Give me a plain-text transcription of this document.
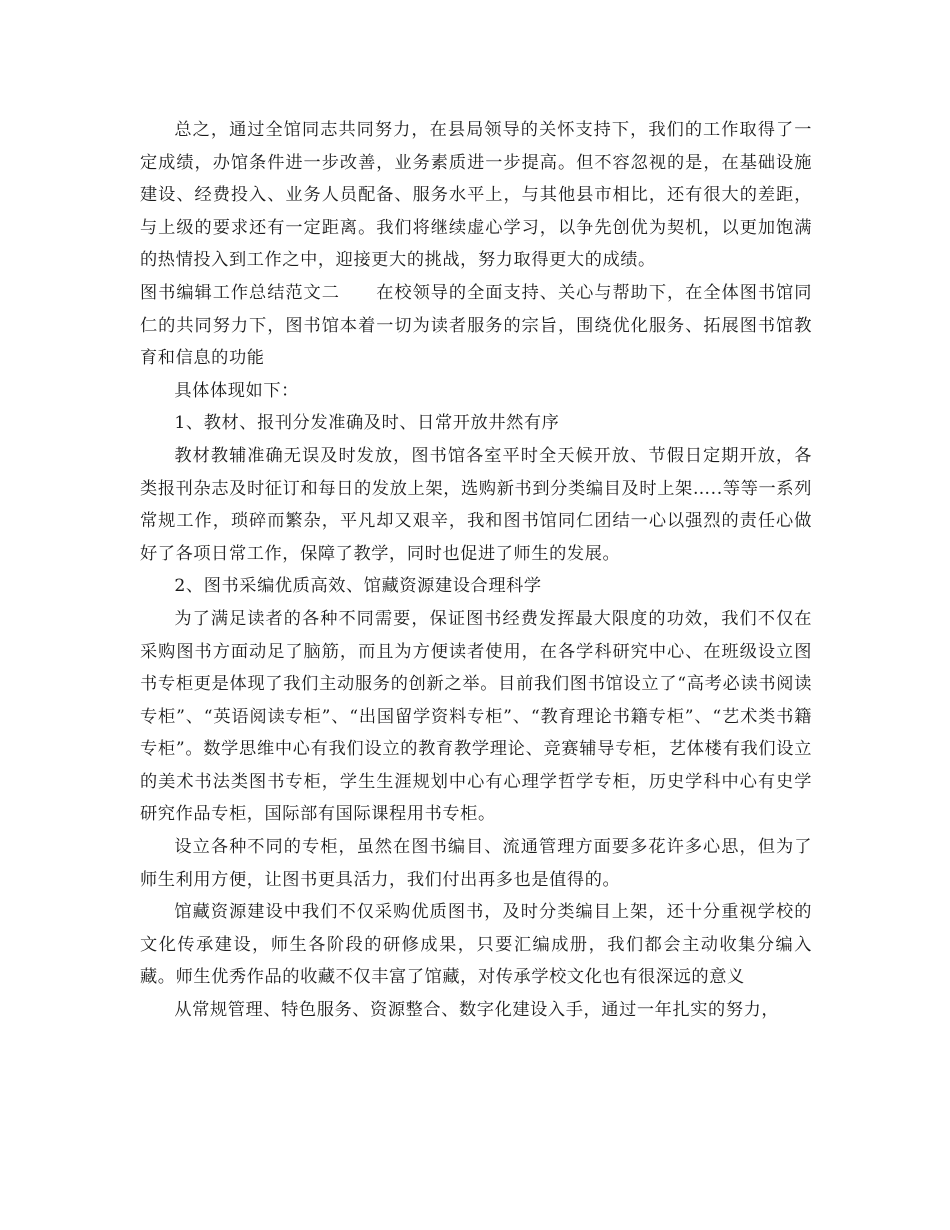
总之，通过全馆同志共同努力，在县局领导的关怀支持下，我们的工作取得了一定成绩，办馆条件进一步改善，业务素质进一步提高。但不容忽视的是，在基础设施建设、经费投入、业务人员配备、服务水平上，与其他县市相比，还有很大的差距，与上级的要求还有一定距离。我们将继续虚心学习，以争先创优为契机，以更加饱满的热情投入到工作之中，迎接更大的挑战，努力取得更大的成绩。

图书编辑工作总结范文二　　在校领导的全面支持、关心与帮助下，在全体图书馆同仁的共同努力下，图书馆本着一切为读者服务的宗旨，围绕优化服务、拓展图书馆教育和信息的功能

具体体现如下：

1、教材、报刊分发准确及时、日常开放井然有序

教材教辅准确无误及时发放，图书馆各室平时全天候开放、节假日定期开放，各类报刊杂志及时征订和每日的发放上架，选购新书到分类编目及时上架…..等等一系列常规工作，琐碎而繁杂，平凡却又艰辛，我和图书馆同仁团结一心以强烈的责任心做好了各项日常工作，保障了教学，同时也促进了师生的发展。

2、图书采编优质高效、馆藏资源建设合理科学

为了满足读者的各种不同需要，保证图书经费发挥最大限度的功效，我们不仅在采购图书方面动足了脑筋，而且为方便读者使用，在各学科研究中心、在班级设立图书专柜更是体现了我们主动服务的创新之举。目前我们图书馆设立了“高考必读书阅读专柜”、“英语阅读专柜”、“出国留学资料专柜”、“教育理论书籍专柜”、“艺术类书籍专柜”。数学思维中心有我们设立的教育教学理论、竞赛辅导专柜，艺体楼有我们设立的美术书法类图书专柜，学生生涯规划中心有心理学哲学专柜，历史学科中心有史学研究作品专柜，国际部有国际课程用书专柜。

设立各种不同的专柜，虽然在图书编目、流通管理方面要多花许多心思，但为了师生利用方便，让图书更具活力，我们付出再多也是值得的。

馆藏资源建设中我们不仅采购优质图书，及时分类编目上架，还十分重视学校的文化传承建设，师生各阶段的研修成果，只要汇编成册，我们都会主动收集分编入藏。师生优秀作品的收藏不仅丰富了馆藏，对传承学校文化也有很深远的意义

从常规管理、特色服务、资源整合、数字化建设入手，通过一年扎实的努力，
